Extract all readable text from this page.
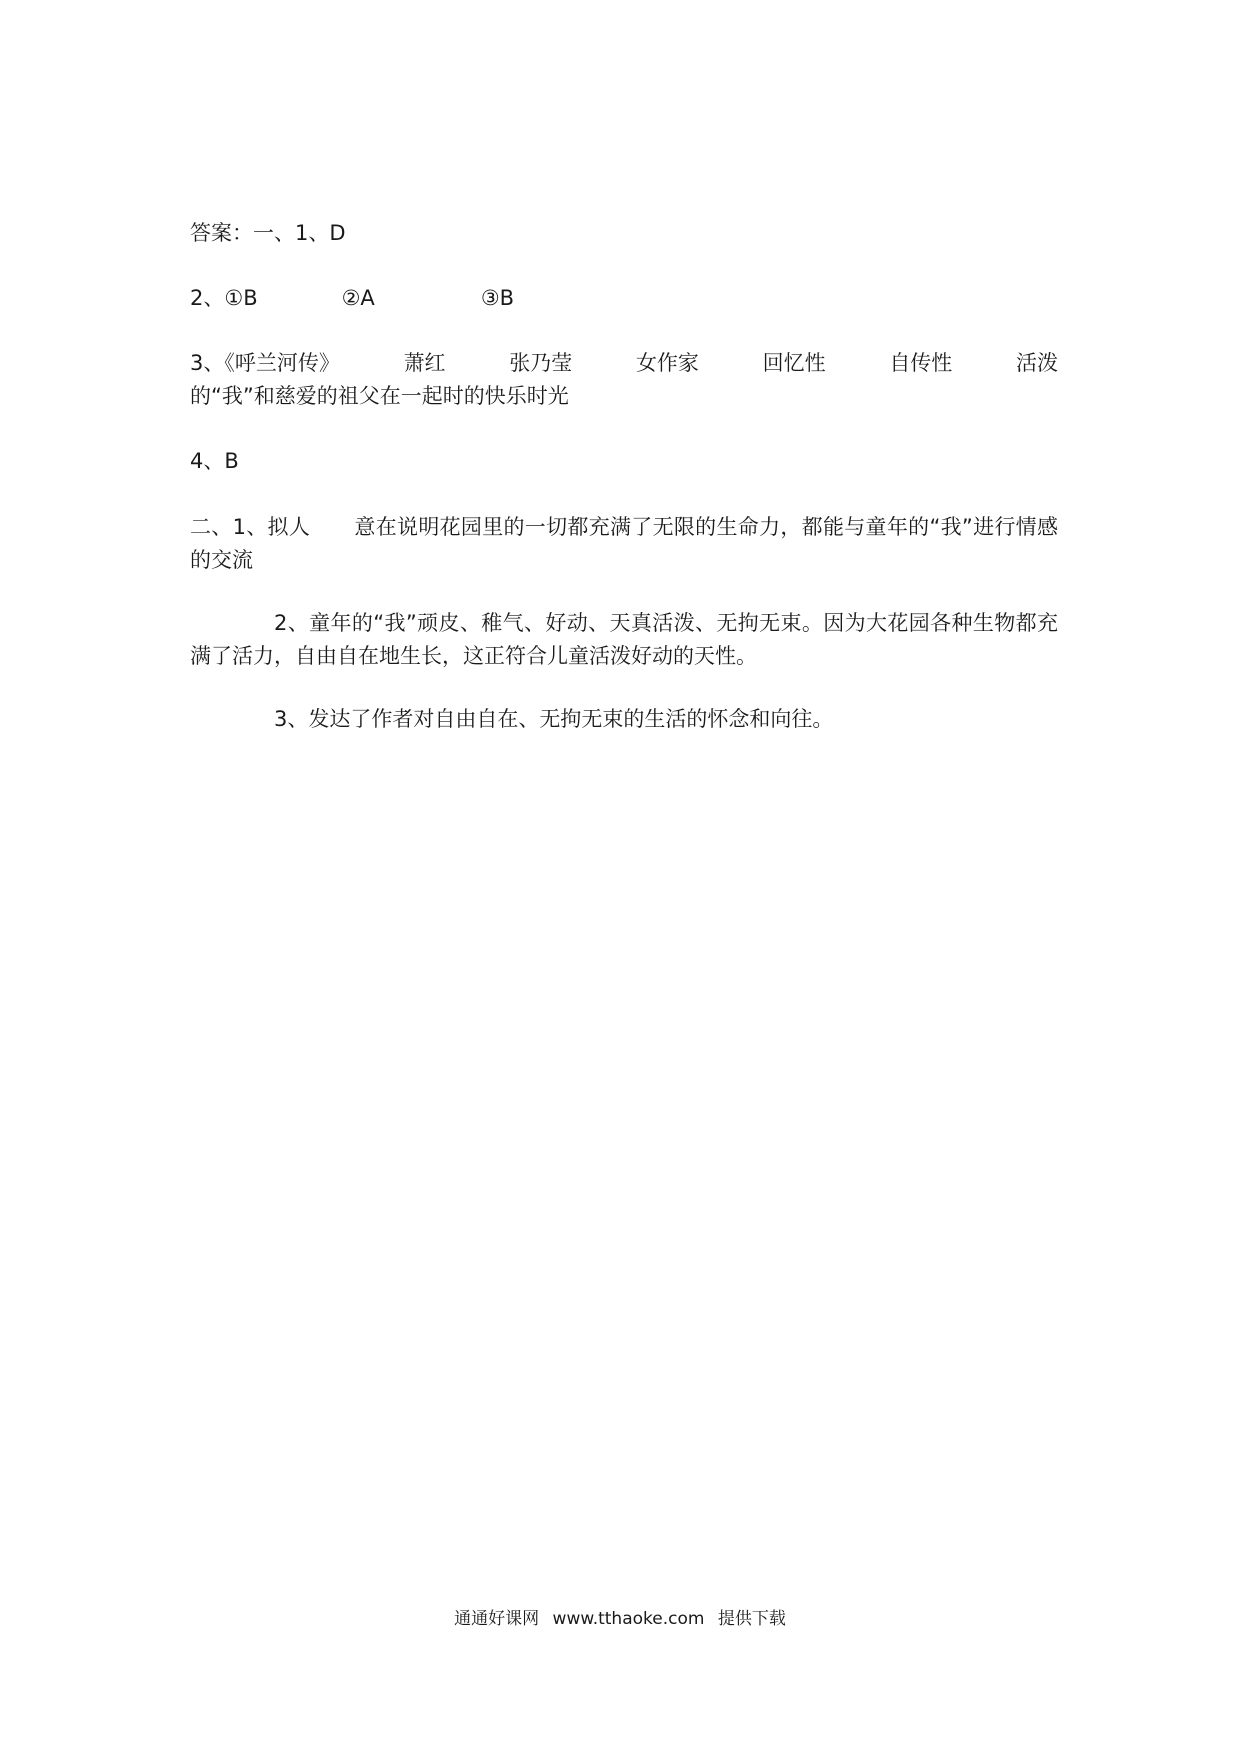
答案：一、1、D
2、①B	②A	③B
3、《呼兰河传》	萧红	张乃莹	女作家	回忆性	自传性	活泼
的“我”和慈爱的祖父在一起时的快乐时光
4、B
二、1、拟人 意在说明花园里的一切都充满了无限的生命力，都能与童年的“我”进行情感的交流
2、童年的“我”顽皮、稚气、好动、天真活泼、无拘无束。因为大花园各种生物都充满了活力，自由自在地生长，这正符合儿童活泼好动的天性。
3、发达了作者对自由自在、无拘无束的生活的怀念和向往。
通通好课网 www.tthaoke.com 提供下载
